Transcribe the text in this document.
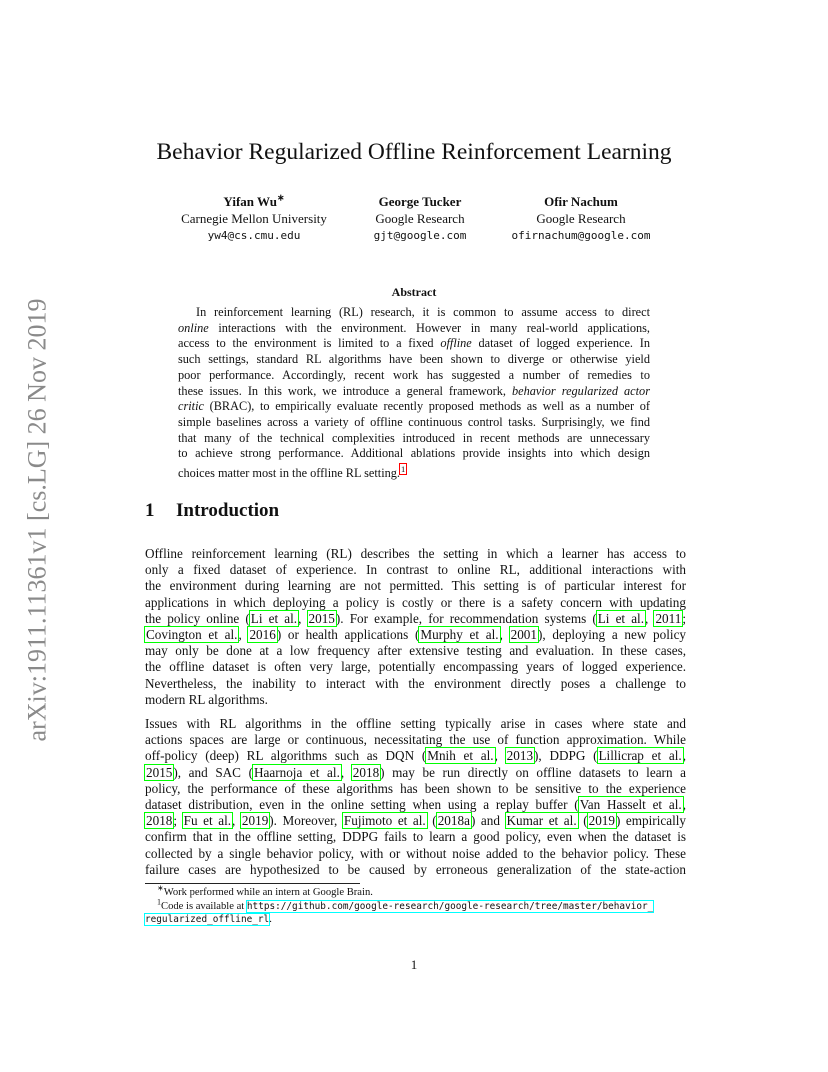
arXiv:1911.11361v1 [cs.LG] 26 Nov 2019
Behavior Regularized Offline Reinforcement Learning
Yifan Wu∗
Carnegie Mellon University
yw4@cs.cmu.edu
George Tucker
Google Research
gjt@google.com
Ofir Nachum
Google Research
ofirnachum@google.com
Abstract
In reinforcement learning (RL) research, it is common to assume access to direct
online interactions with the environment. However in many real-world applications,
access to the environment is limited to a fixed offline dataset of logged experience. In
such settings, standard RL algorithms have been shown to diverge or otherwise yield
poor performance. Accordingly, recent work has suggested a number of remedies to
these issues. In this work, we introduce a general framework, behavior regularized actor
critic (BRAC), to empirically evaluate recently proposed methods as well as a number of
simple baselines across a variety of offline continuous control tasks. Surprisingly, we find
that many of the technical complexities introduced in recent methods are unnecessary
to achieve strong performance. Additional ablations provide insights into which design
choices matter most in the offline RL setting.$^1$
1 Introduction
Offline reinforcement learning (RL) describes the setting in which a learner has access to
only a fixed dataset of experience. In contrast to online RL, additional interactions with
the environment during learning are not permitted. This setting is of particular interest for
applications in which deploying a policy is costly or there is a safety concern with updating
the policy online (Li et al., 2015). For example, for recommendation systems (Li et al., 2011;
Covington et al., 2016) or health applications (Murphy et al., 2001), deploying a new policy
may only be done at a low frequency after extensive testing and evaluation. In these cases,
the offline dataset is often very large, potentially encompassing years of logged experience.
Nevertheless, the inability to interact with the environment directly poses a challenge to
modern RL algorithms.
Issues with RL algorithms in the offline setting typically arise in cases where state and
actions spaces are large or continuous, necessitating the use of function approximation. While
off-policy (deep) RL algorithms such as DQN (Mnih et al., 2013), DDPG (Lillicrap et al.,
2015), and SAC (Haarnoja et al., 2018) may be run directly on offline datasets to learn a
policy, the performance of these algorithms has been shown to be sensitive to the experience
dataset distribution, even in the online setting when using a replay buffer (Van Hasselt et al.,
2018; Fu et al., 2019). Moreover, Fujimoto et al. (2018a) and Kumar et al. (2019) empirically
confirm that in the offline setting, DDPG fails to learn a good policy, even when the dataset is
collected by a single behavior policy, with or without noise added to the behavior policy. These
failure cases are hypothesized to be caused by erroneous generalization of the state-action
∗Work performed while an intern at Google Brain.
$^1$Code is available at https://github.com/google-research/google-research/tree/master/behavior_
regularized_offline_rl.
1
